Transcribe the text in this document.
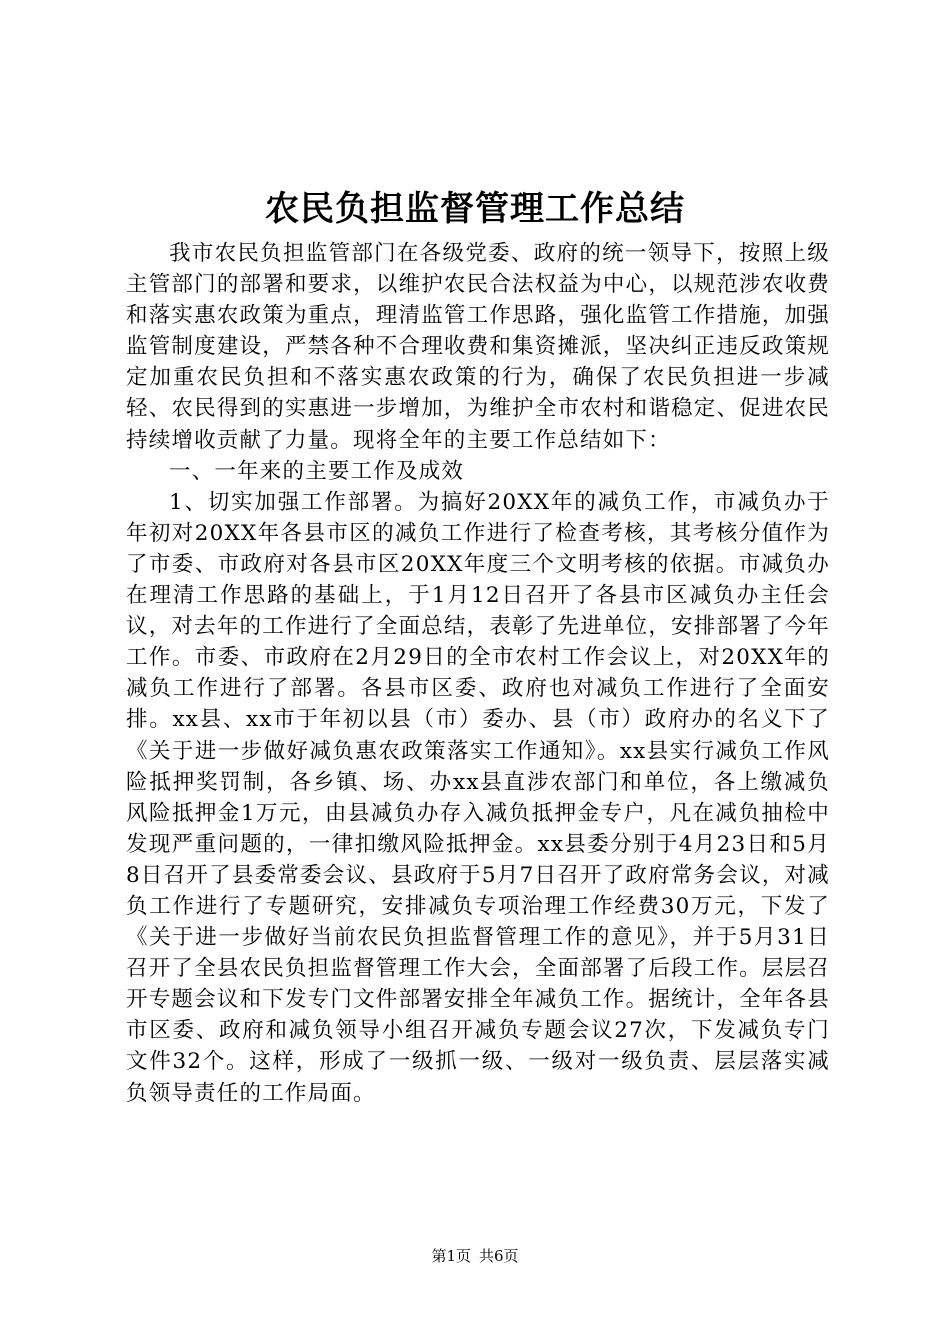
农民负担监督管理工作总结

我市农民负担监管部门在各级党委、政府的统一领导下，按照上级主管部门的部署和要求，以维护农民合法权益为中心，以规范涉农收费和落实惠农政策为重点，理清监管工作思路，强化监管工作措施，加强监管制度建设，严禁各种不合理收费和集资摊派，坚决纠正违反政策规定加重农民负担和不落实惠农政策的行为，确保了农民负担进一步减轻、农民得到的实惠进一步增加，为维护全市农村和谐稳定、促进农民持续增收贡献了力量。现将全年的主要工作总结如下：

一、一年来的主要工作及成效

1、切实加强工作部署。为搞好20XX年的减负工作，市减负办于年初对20XX年各县市区的减负工作进行了检查考核，其考核分值作为了市委、市政府对各县市区20XX年度三个文明考核的依据。市减负办在理清工作思路的基础上，于1月12日召开了各县市区减负办主任会议，对去年的工作进行了全面总结，表彰了先进单位，安排部署了今年工作。市委、市政府在2月29日的全市农村工作会议上，对20XX年的减负工作进行了部署。各县市区委、政府也对减负工作进行了全面安排。xx县、xx市于年初以县（市）委办、县（市）政府办的名义下了《关于进一步做好减负惠农政策落实工作通知》。xx县实行减负工作风险抵押奖罚制，各乡镇、场、办xx县直涉农部门和单位，各上缴减负风险抵押金1万元，由县减负办存入减负抵押金专户，凡在减负抽检中发现严重问题的，一律扣缴风险抵押金。xx县委分别于4月23日和5月8日召开了县委常委会议、县政府于5月7日召开了政府常务会议，对减负工作进行了专题研究，安排减负专项治理工作经费30万元，下发了《关于进一步做好当前农民负担监督管理工作的意见》，并于5月31日召开了全县农民负担监督管理工作大会，全面部署了后段工作。层层召开专题会议和下发专门文件部署安排全年减负工作。据统计，全年各县市区委、政府和减负领导小组召开减负专题会议27次，下发减负专门文件32个。这样，形成了一级抓一级、一级对一级负责、层层落实减负领导责任的工作局面。

第1页 共6页
